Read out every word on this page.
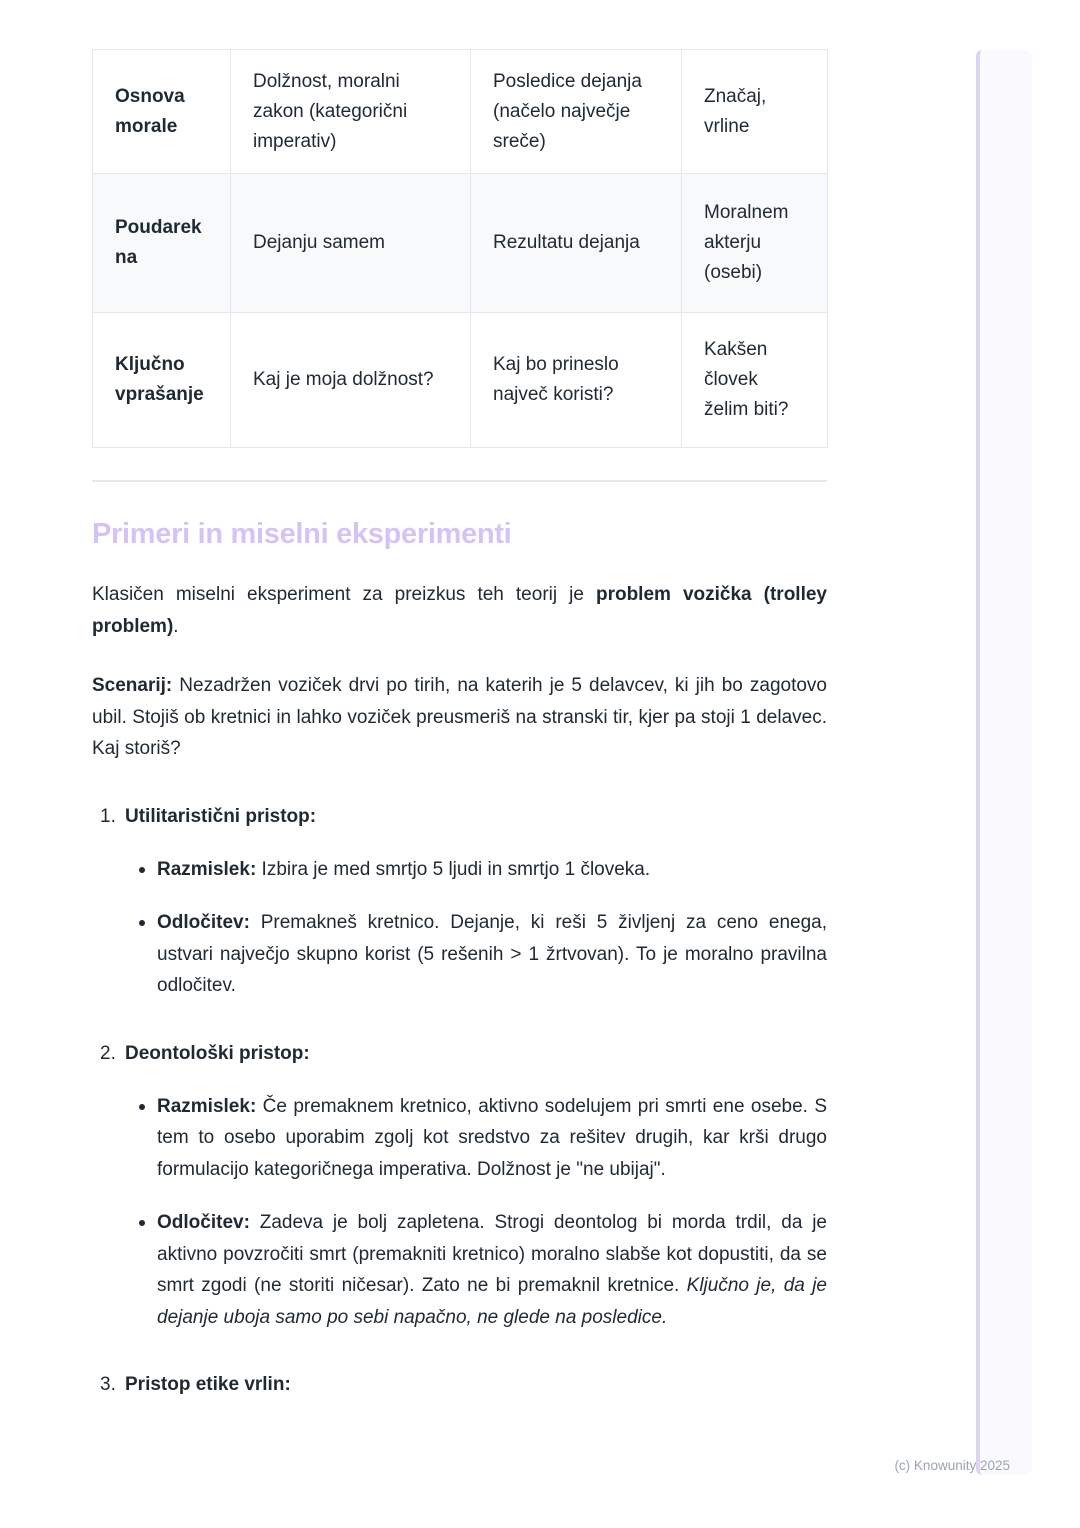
Osnova morale	Dolžnost, moralni zakon (kategorični imperativ)	Posledice dejanja (načelo največje sreče)	Značaj, vrline
Poudarek na	Dejanju samem	Rezultatu dejanja	Moralnem akterju (osebi)
Ključno vprašanje	Kaj je moja dolžnost?	Kaj bo prineslo največ koristi?	Kakšen človek želim biti?
Primeri in miselni eksperimenti

Klasičen miselni eksperiment za preizkus teh teorij je problem vozička (trolley problem).

Scenarij: Nezadržen voziček drvi po tirih, na katerih je 5 delavcev, ki jih bo zagotovo ubil. Stojiš ob kretnici in lahko voziček preusmeriš na stranski tir, kjer pa stoji 1 delavec. Kaj storiš?

1. Utilitaristični pristop:

Razmislek: Izbira je med smrtjo 5 ljudi in smrtjo 1 človeka.

Odločitev: Premakneš kretnico. Dejanje, ki reši 5 življenj za ceno enega, ustvari največjo skupno korist (5 rešenih > 1 žrtvovan). To je moralno pravilna odločitev.

2. Deontološki pristop:

Razmislek: Če premaknem kretnico, aktivno sodelujem pri smrti ene osebe. S tem to osebo uporabim zgolj kot sredstvo za rešitev drugih, kar krši drugo formulacijo kategoričnega imperativa. Dolžnost je "ne ubijaj".

Odločitev: Zadeva je bolj zapletena. Strogi deontolog bi morda trdil, da je aktivno povzročiti smrt (premakniti kretnico) moralno slabše kot dopustiti, da se smrt zgodi (ne storiti ničesar). Zato ne bi premaknil kretnice. Ključno je, da je dejanje uboja samo po sebi napačno, ne glede na posledice.

3. Pristop etike vrlin:
(c) Knowunity 2025
